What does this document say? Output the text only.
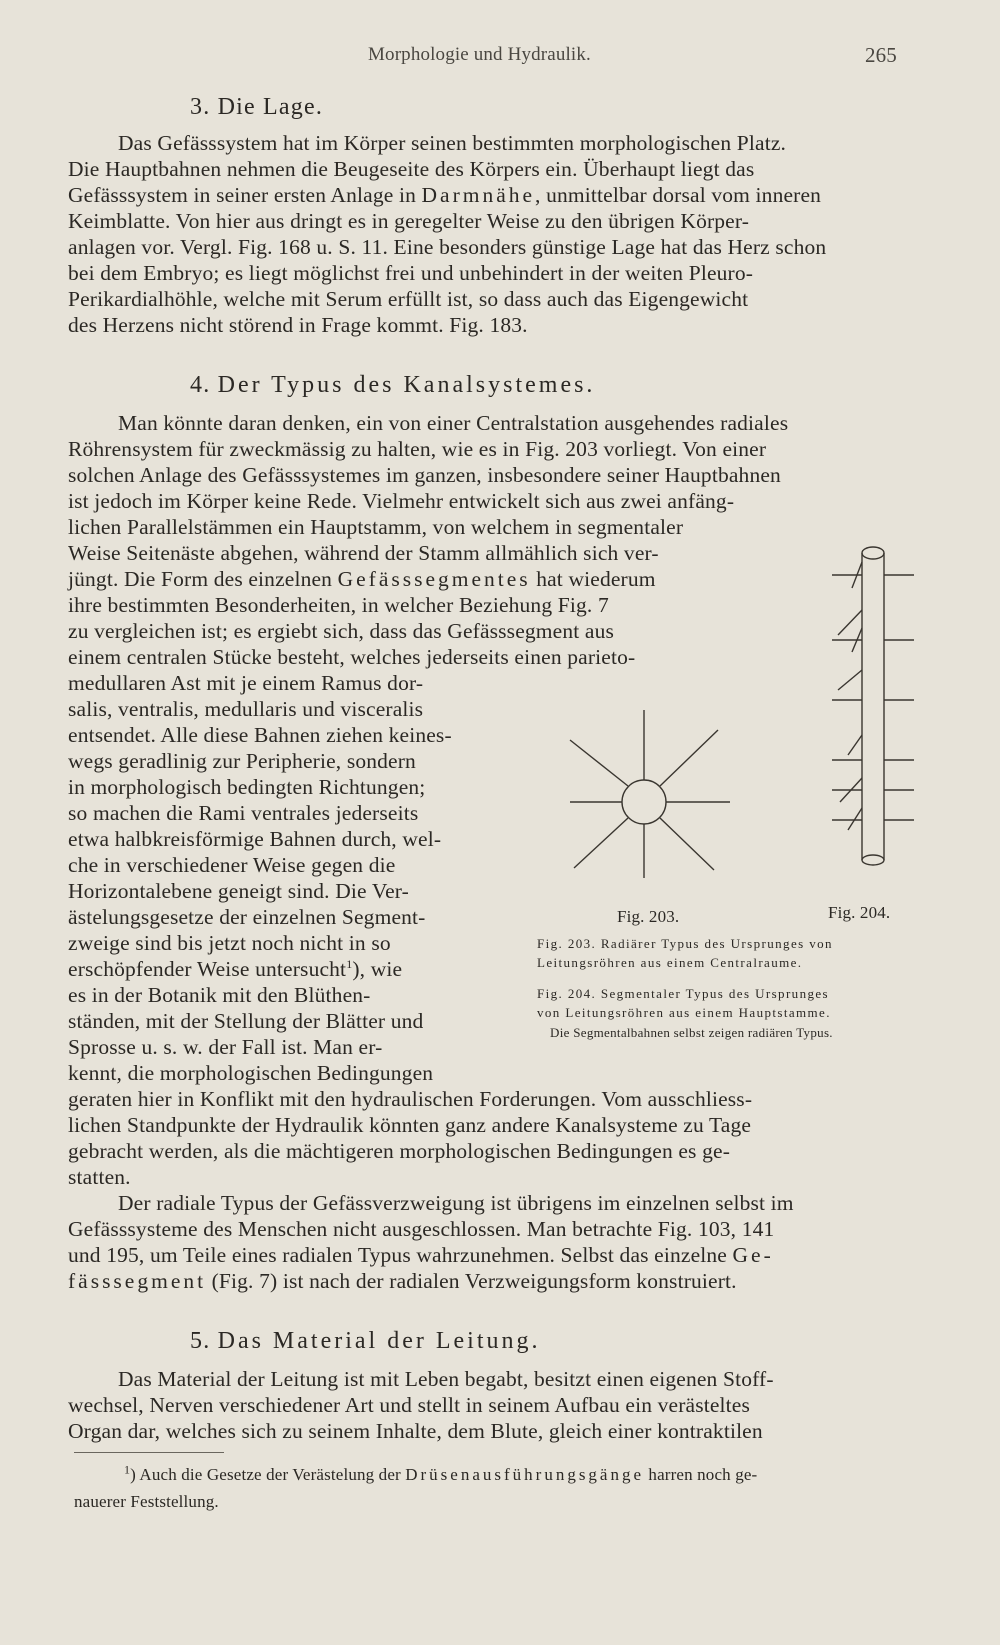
Morphologie und Hydraulik.	265
3. Die Lage.
Das Gefässsystem hat im Körper seinen bestimmten morphologischen Platz.
Die Hauptbahnen nehmen die Beugeseite des Körpers ein. Überhaupt liegt das
Gefässsystem in seiner ersten Anlage in Darmnähe, unmittelbar dorsal vom inneren
Keimblatte. Von hier aus dringt es in geregelter Weise zu den übrigen Körper-
anlagen vor. Vergl. Fig. 168 u. S. 11. Eine besonders günstige Lage hat das Herz schon
bei dem Embryo; es liegt möglichst frei und unbehindert in der weiten Pleuro-
Perikardialhöhle, welche mit Serum erfüllt ist, so dass auch das Eigengewicht
des Herzens nicht störend in Frage kommt. Fig. 183.
4. Der Typus des Kanalsystemes.
Man könnte daran denken, ein von einer Centralstation ausgehendes radiales
Röhrensystem für zweckmässig zu halten, wie es in Fig. 203 vorliegt. Von einer
solchen Anlage des Gefässsystemes im ganzen, insbesondere seiner Hauptbahnen
ist jedoch im Körper keine Rede. Vielmehr entwickelt sich aus zwei anfäng-
lichen Parallelstämmen ein Hauptstamm, von welchem in segmentaler
Weise Seitenäste abgehen, während der Stamm allmählich sich ver-
jüngt. Die Form des einzelnen Gefässsegmentes hat wiederum
ihre bestimmten Besonderheiten, in welcher Beziehung Fig. 7
zu vergleichen ist; es ergiebt sich, dass das Gefässsegment aus
einem centralen Stücke besteht, welches jederseits einen parieto-
medullaren Ast mit je einem Ramus dor-
salis, ventralis, medullaris und visceralis
entsendet. Alle diese Bahnen ziehen keines-
wegs geradlinig zur Peripherie, sondern
in morphologisch bedingten Richtungen;
so machen die Rami ventrales jederseits
etwa halbkreisförmige Bahnen durch, wel-
che in verschiedener Weise gegen die
Horizontalebene geneigt sind. Die Ver-
ästelungsgesetze der einzelnen Segment-
zweige sind bis jetzt noch nicht in so
erschöpfender Weise untersucht$^1$), wie
es in der Botanik mit den Blüthen-
ständen, mit der Stellung der Blätter und
Sprosse u. s. w. der Fall ist. Man er-
kennt, die morphologischen Bedingungen
geraten hier in Konflikt mit den hydraulischen Forderungen. Vom ausschliess-
lichen Standpunkte der Hydraulik könnten ganz andere Kanalsysteme zu Tage
gebracht werden, als die mächtigeren morphologischen Bedingungen es ge-
statten.
Der radiale Typus der Gefässverzweigung ist übrigens im einzelnen selbst im
Gefässsysteme des Menschen nicht ausgeschlossen. Man betrachte Fig. 103, 141
und 195, um Teile eines radialen Typus wahrzunehmen. Selbst das einzelne Ge-
fässsegment (Fig. 7) ist nach der radialen Verzweigungsform konstruiert.
5. Das Material der Leitung.
Das Material der Leitung ist mit Leben begabt, besitzt einen eigenen Stoff-
wechsel, Nerven verschiedener Art und stellt in seinem Aufbau ein verästeltes
Organ dar, welches sich zu seinem Inhalte, dem Blute, gleich einer kontraktilen
$^1$) Auch die Gesetze der Verästelung der Drüsenausführungsgänge harren noch ge-
nauerer Feststellung.
Fig. 203.	Fig. 204.
Fig. 203. Radiärer Typus des Ursprunges von
Leitungsröhren aus einem Centralraume.
Fig. 204. Segmentaler Typus des Ursprunges
von Leitungsröhren aus einem Hauptstamme.
Die Segmentalbahnen selbst zeigen radiären Typus.
